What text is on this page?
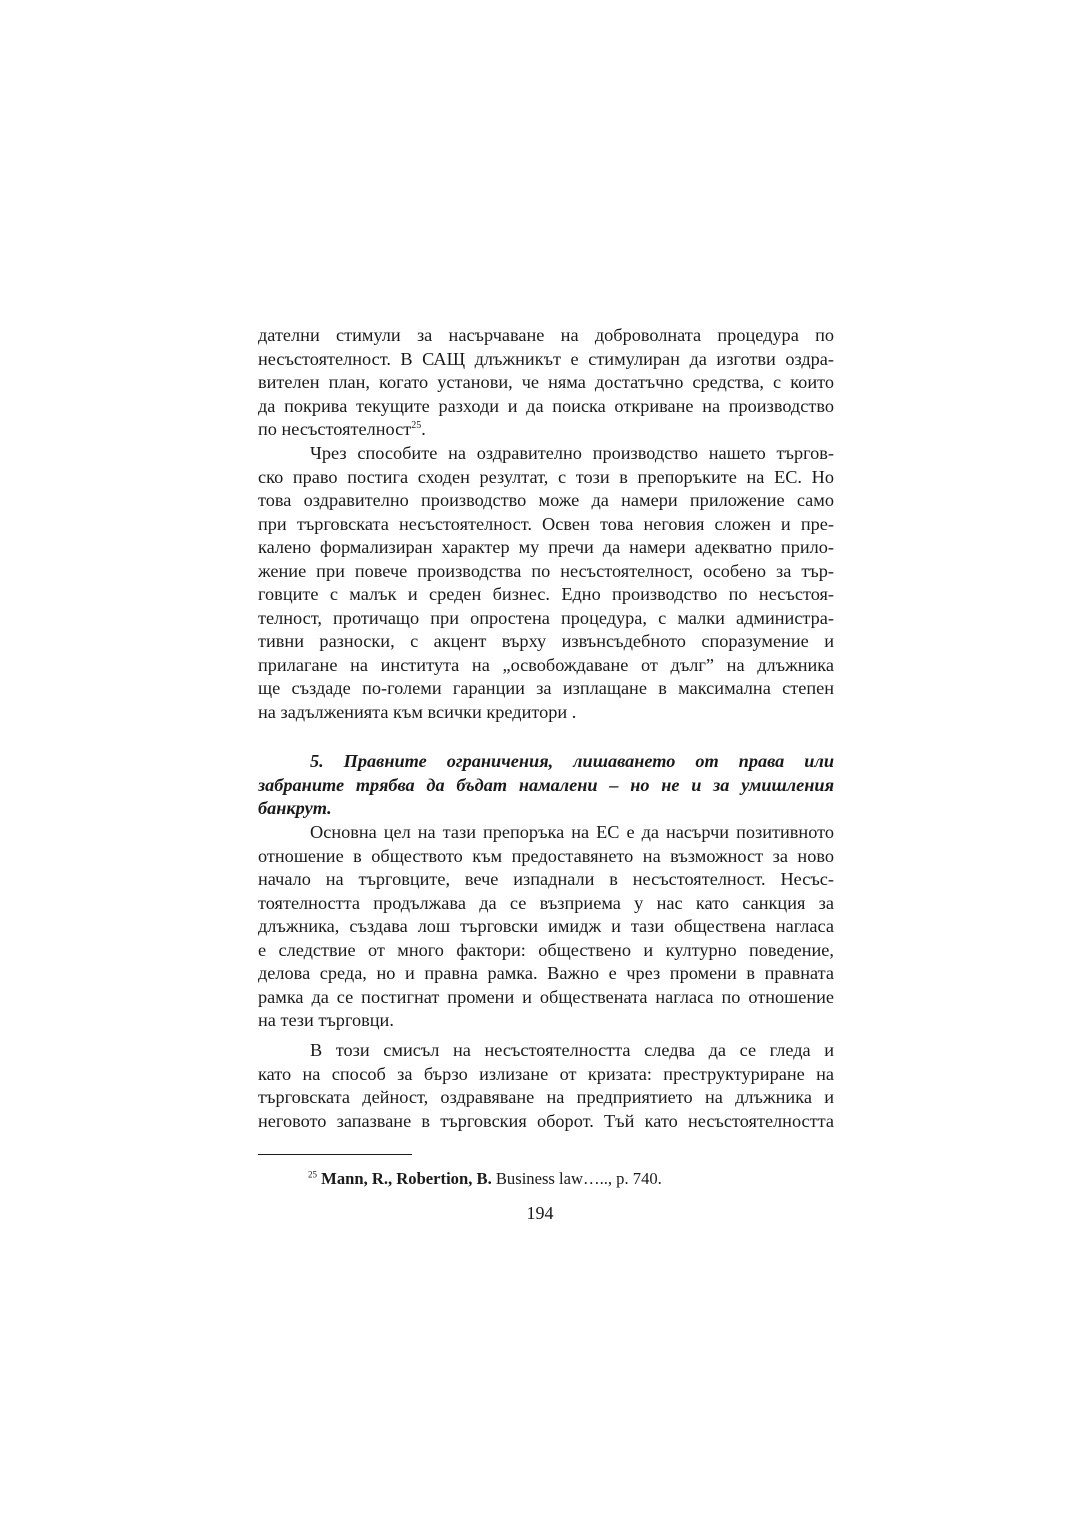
дателни стимули за насърчаване на доброволната процедура по
несъстоятелност. В САЩ длъжникът е стимулиран да изготви оздра-
вителен план, когато установи, че няма достатъчно средства, с които
да покрива текущите разходи и да поиска откриване на производство
по несъстоятелност$^{25}$.
Чрез способите на оздравително производство нашето търгов-
ско право постига сходен резултат, с този в препоръките на ЕС. Но
това оздравително производство може да намери приложение само
при търговската несъстоятелност. Освен това неговия сложен и пре-
калено формализиран характер му пречи да намери адекватно прило-
жение при повече производства по несъстоятелност, особено за тър-
говците с малък и среден бизнес. Едно производство по несъстоя-
телност, протичащо при опростена процедура, с малки администра-
тивни разноски, с акцент върху извънсъдебното споразумение и
прилагане на института на „освобождаване от дълг” на длъжника
ще създаде по-големи гаранции за изплащане в максимална степен
на задълженията към всички кредитори .
5. Правните ограничения, лишаването от права или
забраните трябва да бъдат намалени – но не и за умишления
банкрут.
Основна цел на тази препоръка на ЕС е да насърчи позитивното
отношение в обществото към предоставянето на възможност за ново
начало на търговците, вече изпаднали в несъстоятелност. Несъс-
тоятелността продължава да се възприема у нас като санкция за
длъжника, създава лош търговски имидж и тази обществена нагласа
е следствие от много фактори: обществено и културно поведение,
делова среда, но и правна рамка. Важно е чрез промени в правната
рамка да се постигнат промени и обществената нагласа по отношение
на тези търговци.
В този смисъл на несъстоятелността следва да се гледа и
като на способ за бързо излизане от кризата: преструктуриране на
търговската дейност, оздравяване на предприятието на длъжника и
неговото запазване в търговския оборот. Тъй като несъстоятелността
$^{25}$ Mann, R., Robertion, B. Business law….., p. 740.
194
